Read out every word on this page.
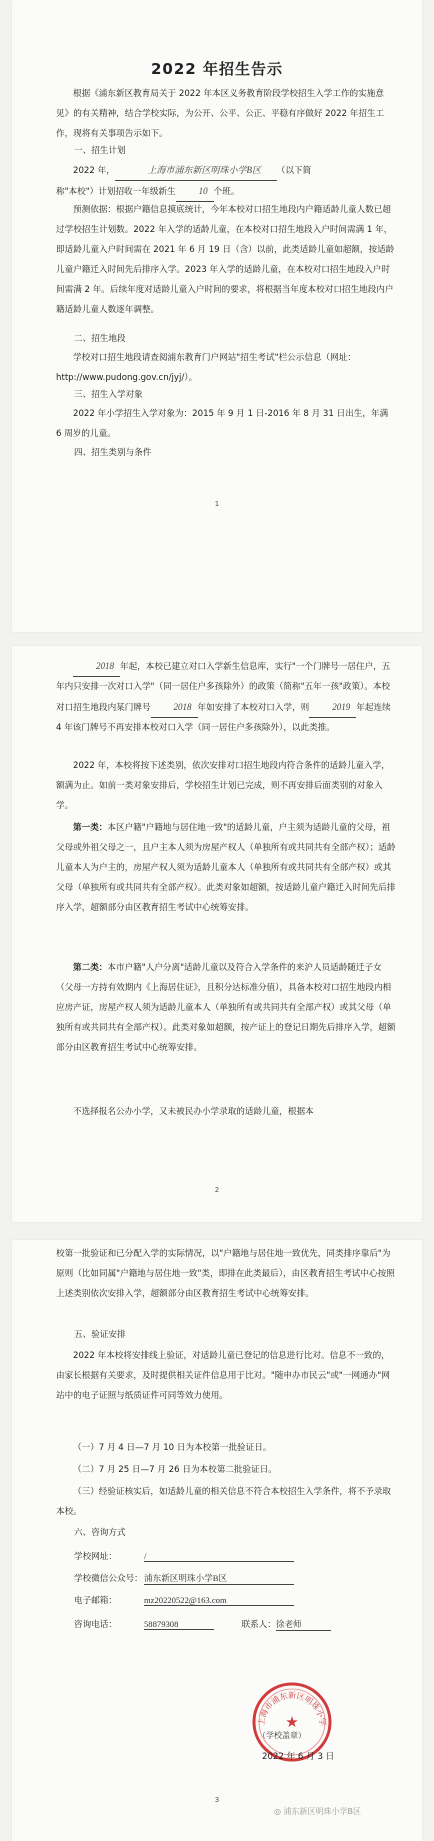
2022 年招生告示
根据《浦东新区教育局关于 2022 年本区义务教育阶段学校招生入学工作的实施意见》的有关精神，结合学校实际，为公开、公平、公正、平稳有序做好 2022 年招生工作，现将有关事项告示如下。
一、招生计划
2022 年，	上海市浦东新区明珠小学B区 （以下简
称"本校"）计划招收一年级新生	10 个班。
预测依据：根据户籍信息摸底统计，今年本校对口招生地段内户籍适龄儿童人数已超过学校招生计划数。2022 年入学的适龄儿童，在本校对口招生地段入户时间需满 1 年，即适龄儿童入户时间需在 2021 年 6 月 19 日（含）以前，此类适龄儿童如超额，按适龄儿童户籍迁入时间先后排序入学。2023 年入学的适龄儿童，在本校对口招生地段入户时间需满 2 年。后续年度对适龄儿童入户时间的要求，将根据当年度本校对口招生地段内户籍适龄儿童人数逐年调整。
二、招生地段
学校对口招生地段请查阅浦东教育门户网站"招生考试"栏公示信息（网址：http://www.pudong.gov.cn/jyj/）。
三、招生入学对象
2022 年小学招生入学对象为：2015 年 9 月 1 日-2016 年 8 月 31 日出生，年满 6 周岁的儿童。
四、招生类别与条件
1
2018 年起，本校已建立对口入学新生信息库，实行"一个门牌号一居住户，五年内只安排一次对口入学"（同一居住户多孩除外）的政策（简称"五年一孩"政策）。本校对口招生地段内某门牌号	2018 年如安排了本校对口入学，则	2019 年起连续 4 年该门牌号不再安排本校对口入学（同一居住户多孩除外），以此类推。
2022 年，本校将按下述类别，依次安排对口招生地段内符合条件的适龄儿童入学，额满为止。如前一类对象安排后，学校招生计划已完成，则不再安排后面类别的对象入学。
第一类：本区户籍"户籍地与居住地一致"的适龄儿童，户主须为适龄儿童的父母，祖父母或外祖父母之一，且户主本人须为房屋产权人（单独所有或共同共有全部产权）；适龄儿童本人为户主的，房屋产权人须为适龄儿童本人（单独所有或共同共有全部产权）或其父母（单独所有或共同共有全部产权）。此类对象如超额，按适龄儿童户籍迁入时间先后排序入学，超额部分由区教育招生考试中心统筹安排。
第二类：本市户籍"人户分离"适龄儿童以及符合入学条件的来沪人员适龄随迁子女（父母一方持有效期内《上海居住证》，且积分达标准分值），具备本校对口招生地段内相应房产证，房屋产权人须为适龄儿童本人（单独所有或共同共有全部产权）或其父母（单独所有或共同共有全部产权）。此类对象如超额，按产证上的登记日期先后排序入学，超额部分由区教育招生考试中心统筹安排。
不选择报名公办小学，又未被民办小学录取的适龄儿童，根据本
2
校第一批验证和已分配入学的实际情况，以"户籍地与居住地一致优先，同类排序靠后"为原则（比如同属"户籍地与居住地一致"类，即排在此类最后），由区教育招生考试中心按照上述类别依次安排入学，超额部分由区教育招生考试中心统筹安排。
五、验证安排
2022 年本校将安排线上验证，对适龄儿童已登记的信息进行比对。信息不一致的，由家长根据有关要求，及时提供相关证件信息用于比对。"随申办市民云"或"一网通办"网站中的电子证照与纸质证件可同等效力使用。
（一）7 月 4 日—7 月 10 日为本校第一批验证日。
（二）7 月 25 日—7 月 26 日为本校第二批验证日。
（三）经验证核实后，如适龄儿童的相关信息不符合本校招生入学条件，将不予录取本校。
六、咨询方式
学校网址：	/
学校微信公众号：浦东新区明珠小学B区
电子邮箱：	mz20220522@163.com
咨询电话：	58879308	联系人：徐老师
★
上海市浦东新区明珠小学
（学校盖章）
2022 年 6 月 3 日
3
◎ 浦东新区明珠小学B区
